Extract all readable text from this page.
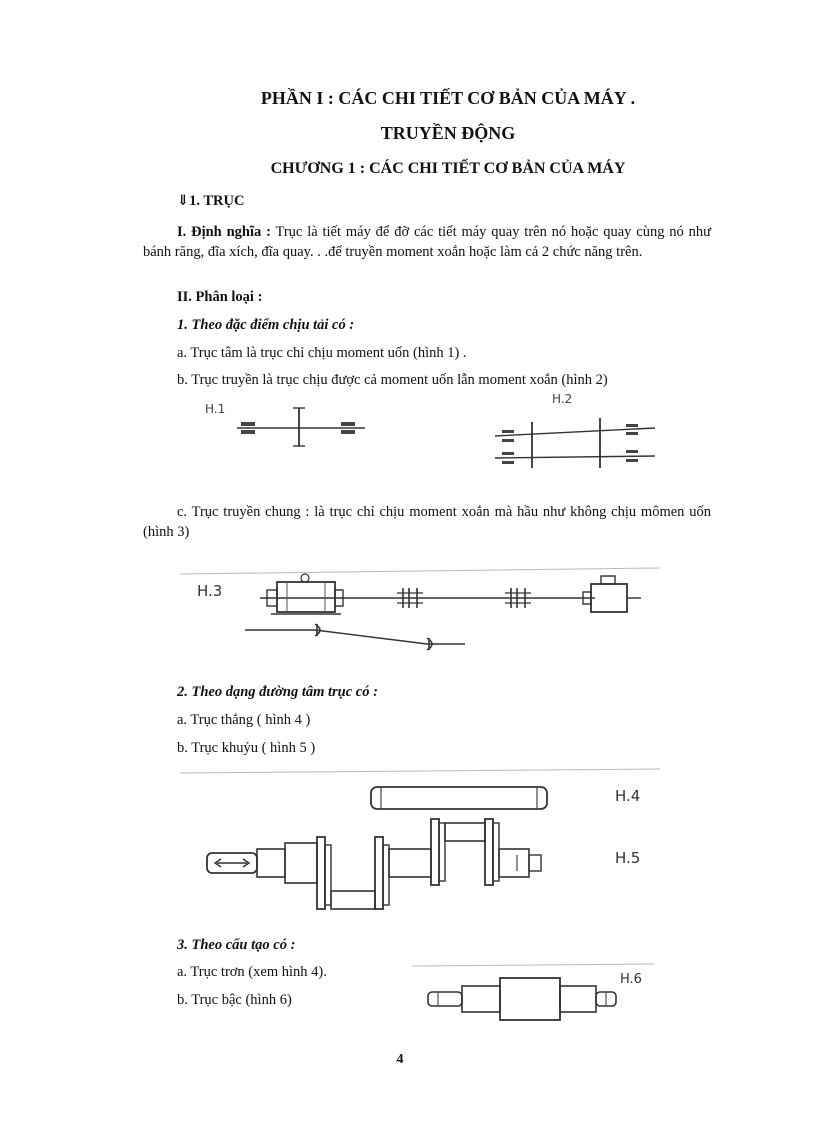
PHẦN I : CÁC CHI TIẾT CƠ BẢN CỦA MÁY .
TRUYỀN ĐỘNG
CHƯƠNG 1 : CÁC CHI TIẾT CƠ BẢN CỦA MÁY
⇓1. TRỤC
I. Định nghĩa : Trục là tiết máy để đỡ các tiết máy quay trên nó hoặc quay cùng nó như bánh răng, đĩa xích, đĩa quay. . .để truyền moment xoắn hoặc làm cả 2 chức năng trên.
II. Phân loại :
1. Theo đặc điểm chịu tải có :
a. Trục tâm là trục chỉ chịu moment uốn (hình 1) .
b. Trục truyền là trục chịu được cả moment uốn lẫn moment xoắn (hình 2)
H.1
H.2
c. Trục truyền chung : là trục chỉ chịu moment xoắn mà hầu như không chịu mômen uốn (hình 3)
H.3
2. Theo dạng đường tâm trục có :
a. Trục thẳng ( hình 4 )
b. Trục khuỷu ( hình 5 )
H.4
H.5
3. Theo cấu tạo có :
a. Trục trơn (xem hình 4).
b. Trục bậc (hình 6)
H.6
4
